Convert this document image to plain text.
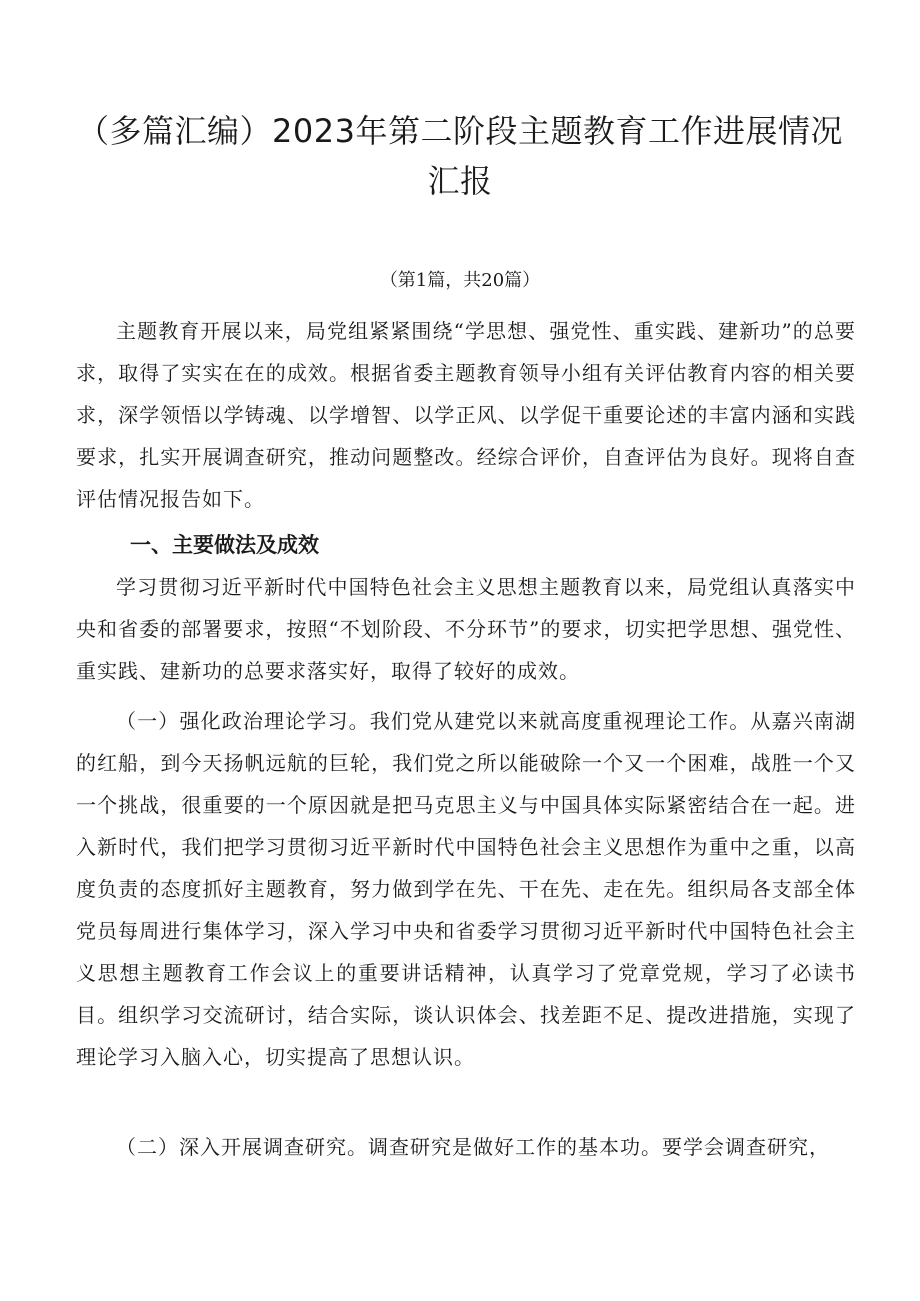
（多篇汇编）2023年第二阶段主题教育工作进展情况
汇报
（第1篇，共20篇）

主题教育开展以来，局党组紧紧围绕“学思想、强党性、重实践、建新功”的总要求，取得了实实在在的成效。根据省委主题教育领导小组有关评估教育内容的相关要求，深学领悟以学铸魂、以学增智、以学正风、以学促干重要论述的丰富内涵和实践要求，扎实开展调查研究，推动问题整改。经综合评价，自查评估为良好。现将自查评估情况报告如下。

一、主要做法及成效

学习贯彻习近平新时代中国特色社会主义思想主题教育以来，局党组认真落实中央和省委的部署要求，按照“不划阶段、不分环节”的要求，切实把学思想、强党性、重实践、建新功的总要求落实好，取得了较好的成效。

（一）强化政治理论学习。我们党从建党以来就高度重视理论工作。从嘉兴南湖的红船，到今天扬帆远航的巨轮，我们党之所以能破除一个又一个困难，战胜一个又一个挑战，很重要的一个原因就是把马克思主义与中国具体实际紧密结合在一起。进入新时代，我们把学习贯彻习近平新时代中国特色社会主义思想作为重中之重，以高度负责的态度抓好主题教育，努力做到学在先、干在先、走在先。组织局各支部全体党员每周进行集体学习，深入学习中央和省委学习贯彻习近平新时代中国特色社会主义思想主题教育工作会议上的重要讲话精神，认真学习了党章党规，学习了必读书目。组织学习交流研讨，结合实际，谈认识体会、找差距不足、提改进措施，实现了理论学习入脑入心，切实提高了思想认识。

（二）深入开展调查研究。调查研究是做好工作的基本功。要学会调查研究，
